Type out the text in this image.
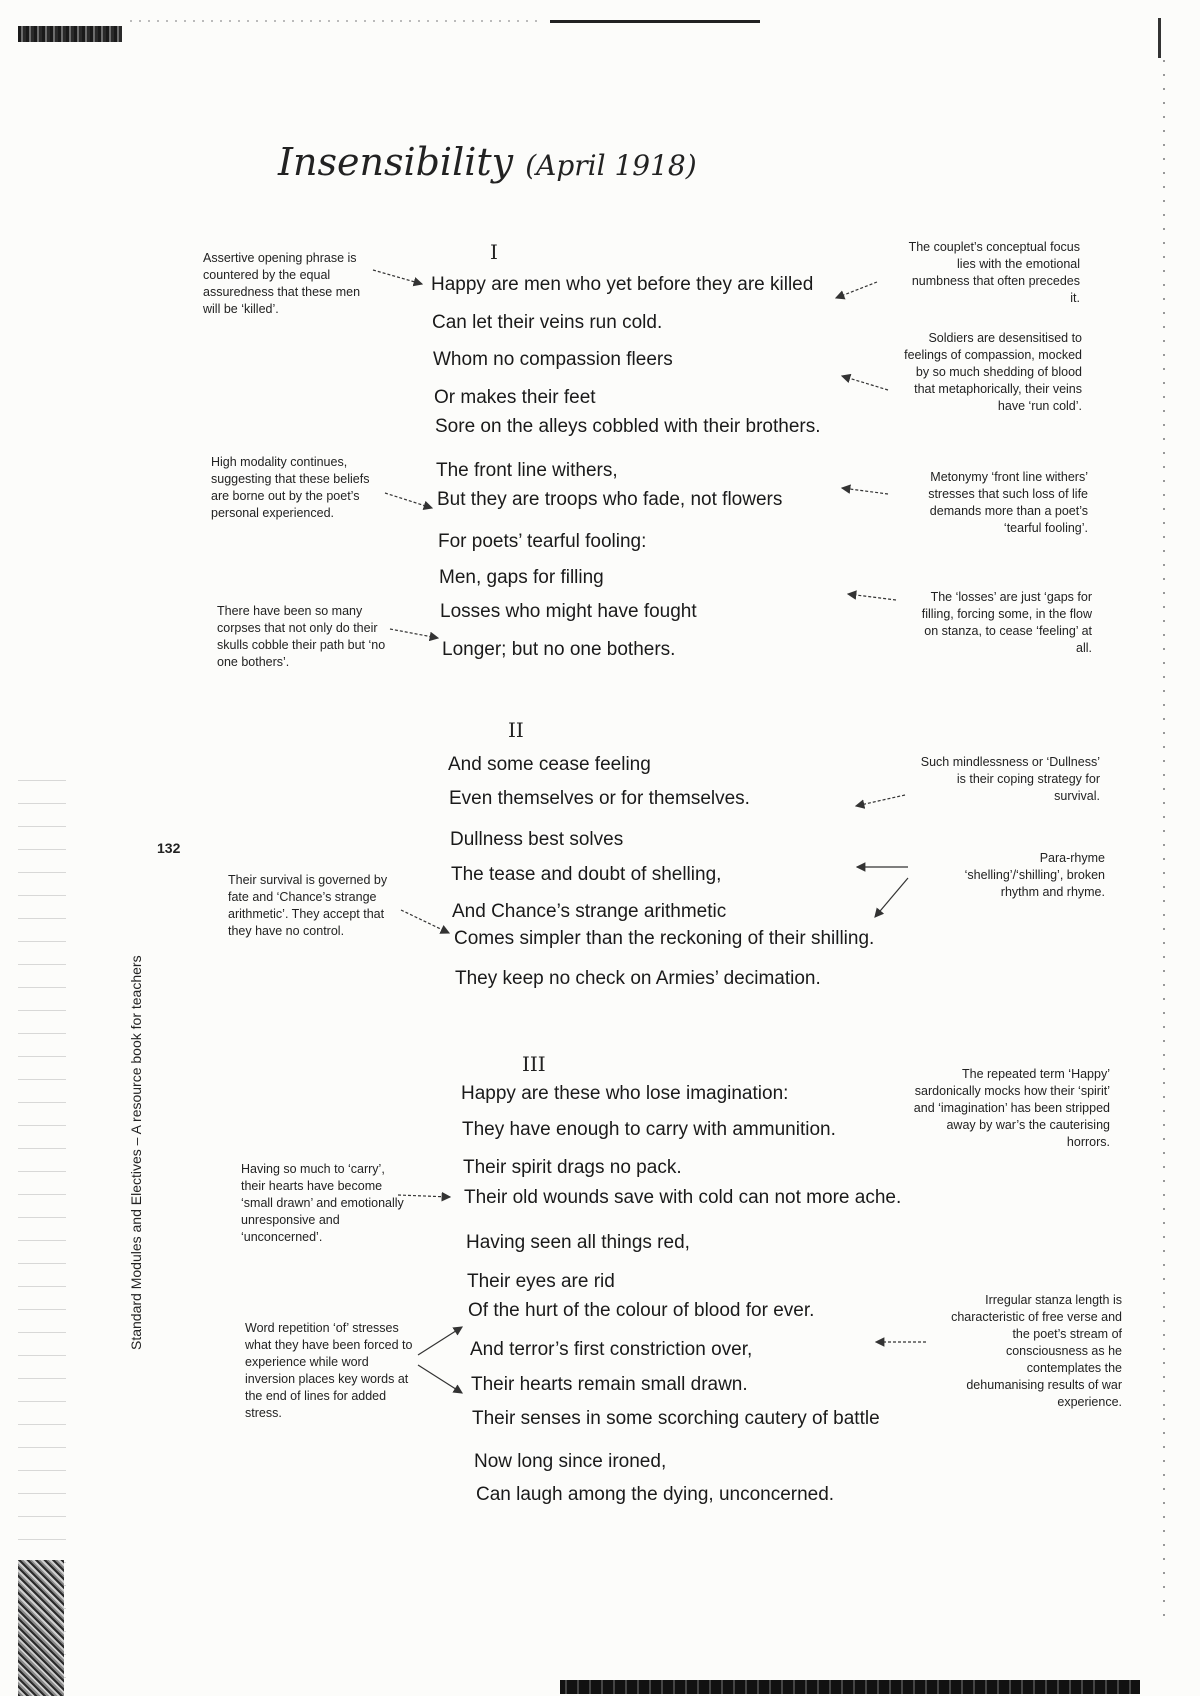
Insensibility (April 1918)
Standard Modules and Electives – A resource book for teachers
132
I
II
III
Happy are men who yet before they are killed
Can let their veins run cold.
Whom no compassion fleers
Or makes their feet
Sore on the alleys cobbled with their brothers.
The front line withers,
But they are troops who fade, not flowers
For poets’ tearful fooling:
Men, gaps for filling
Losses who might have fought
Longer; but no one bothers.
And some cease feeling
Even themselves or for themselves.
Dullness best solves
The tease and doubt of shelling,
And Chance’s strange arithmetic
Comes simpler than the reckoning of their shilling.
They keep no check on Armies’ decimation.
Happy are these who lose imagination:
They have enough to carry with ammunition.
Their spirit drags no pack.
Their old wounds save with cold can not more ache.
Having seen all things red,
Their eyes are rid
Of the hurt of the colour of blood for ever.
And terror’s first constriction over,
Their hearts remain small drawn.
Their senses in some scorching cautery of battle
Now long since ironed,
Can laugh among the dying, unconcerned.
Assertive opening phrase is countered by the equal assuredness that these men will be ‘killed’.
High modality continues, suggesting that these beliefs are borne out by the poet’s personal experienced.
There have been so many corpses that not only do their skulls cobble their path but ‘no one bothers’.
Their survival is governed by fate and ‘Chance’s strange arithmetic’. They accept that they have no control.
Having so much to ‘carry’, their hearts have become ‘small drawn’ and emotionally unresponsive and ‘unconcerned’.
Word repetition ‘of’ stresses what they have been forced to experience while word inversion places key words at the end of lines for added stress.
The couplet’s conceptual focus lies with the emotional numbness that often precedes it.
Soldiers are desensitised to feelings of compassion, mocked by so much shedding of blood that metaphorically, their veins have ‘run cold’.
Metonymy ‘front line withers’ stresses that such loss of life demands more than a poet’s ‘tearful fooling’.
The ‘losses’ are just ‘gaps for filling, forcing some, in the flow on stanza, to cease ‘feeling’ at all.
Such mindlessness or ‘Dullness’ is their coping strategy for survival.
Para-rhyme ‘shelling’/‘shilling’, broken rhythm and rhyme.
The repeated term ‘Happy’ sardonically mocks how their ‘spirit’ and ‘imagination’ has been stripped away by war’s the cauterising horrors.
Irregular stanza length is characteristic of free verse and the poet’s stream of consciousness as he contemplates the dehumanising results of war experience.
